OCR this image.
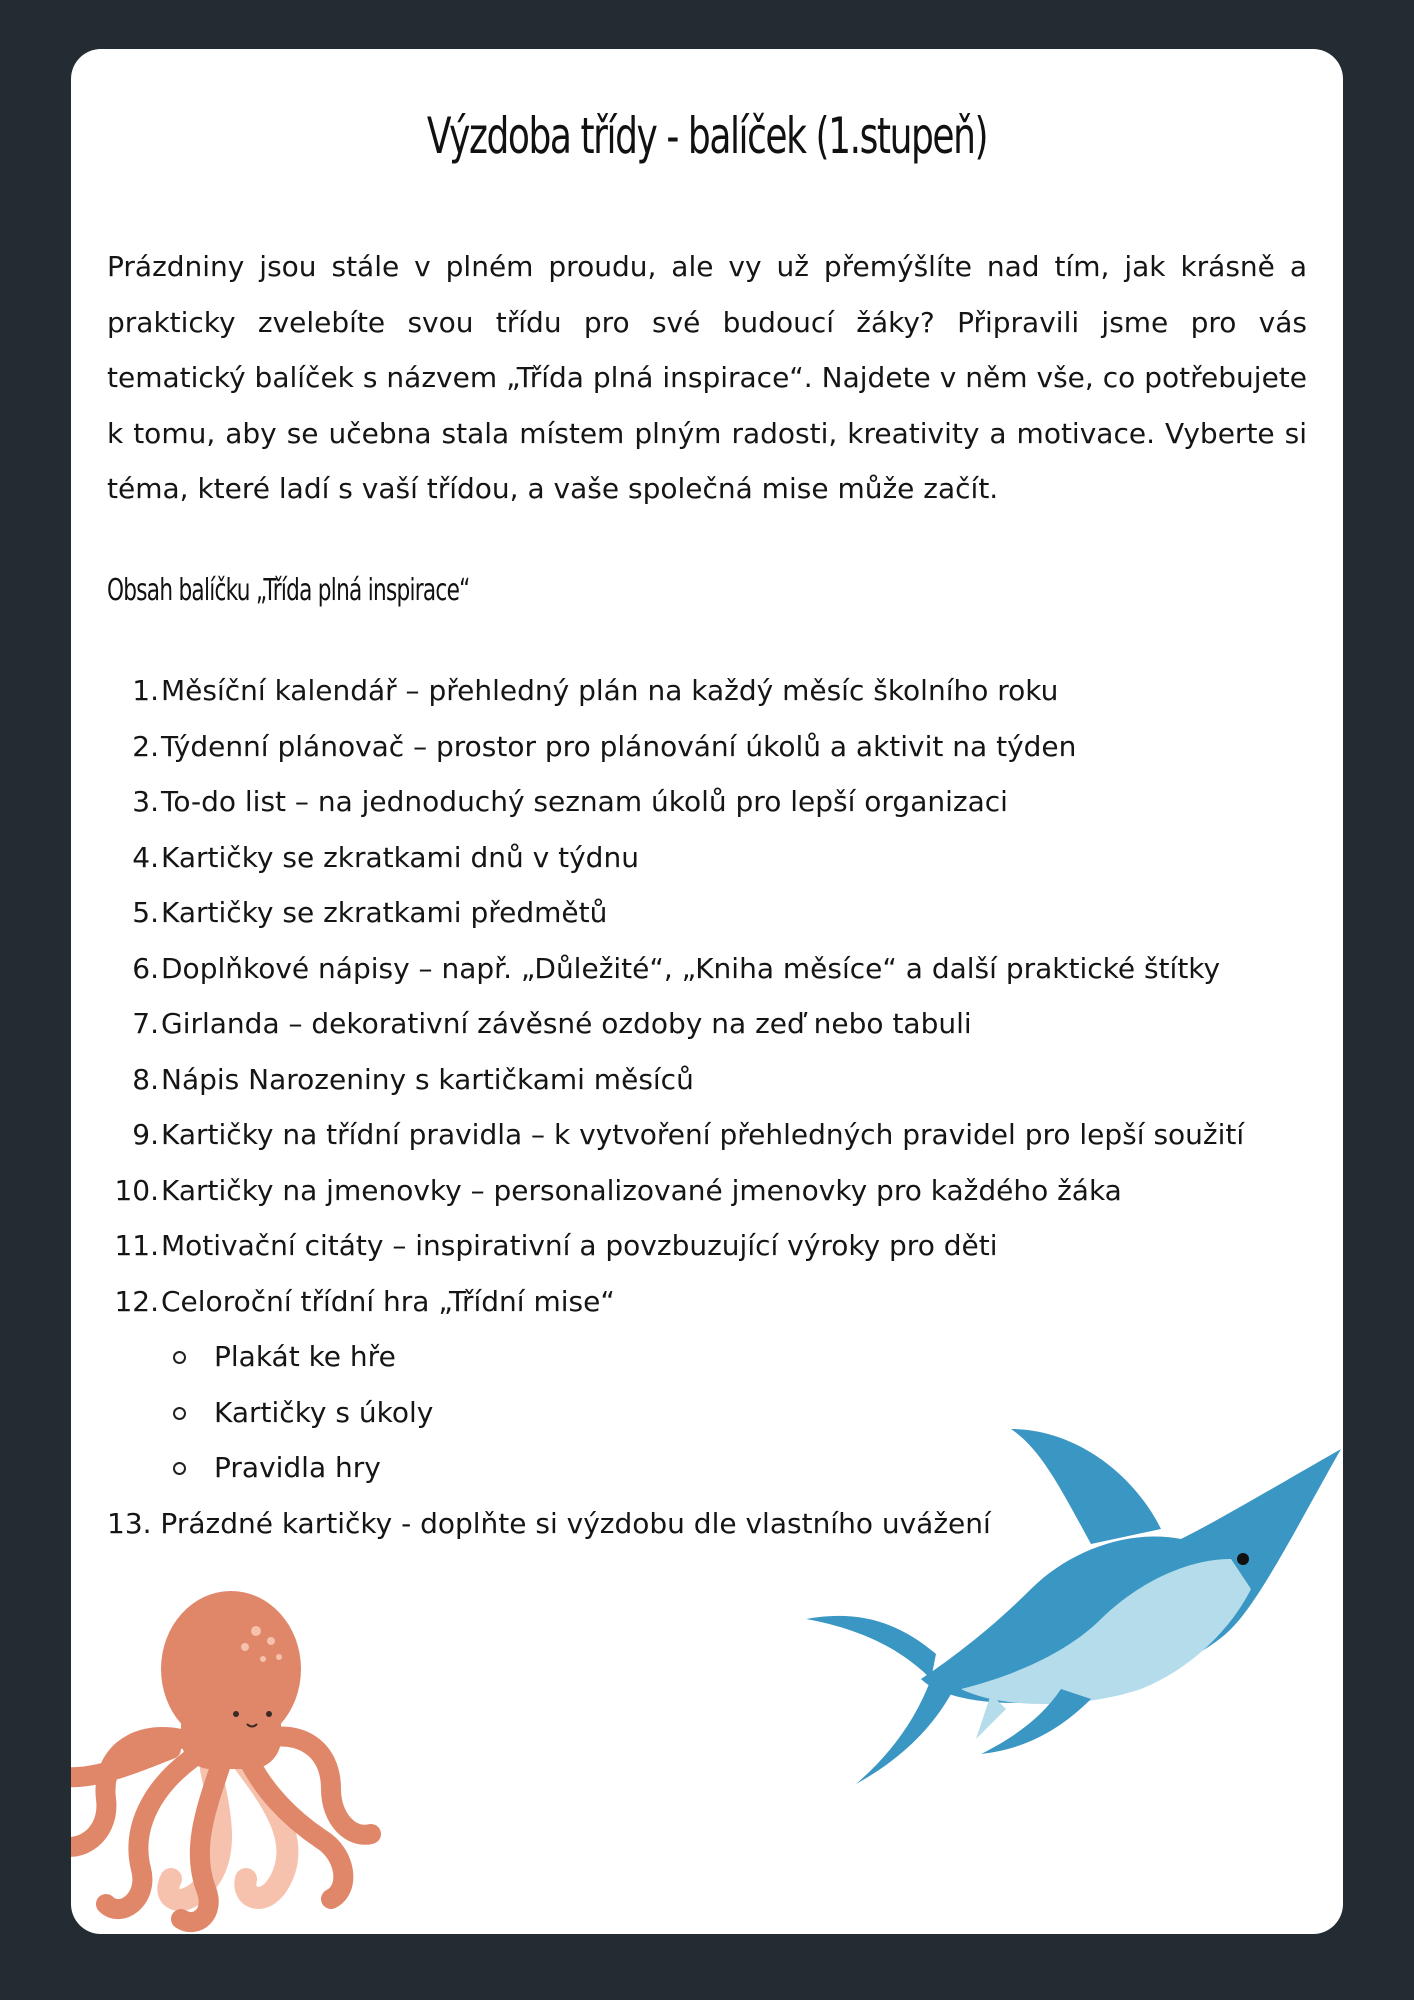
Výzdoba třídy - balíček (1.stupeň)
Prázdniny jsou stále v plném proudu, ale vy už přemýšlíte nad tím, jak krásně a prakticky zvelebíte svou třídu pro své budoucí žáky? Připravili jsme pro vás tematický balíček s názvem „Třída plná inspirace“. Najdete v něm vše, co potřebujete k tomu, aby se učebna stala místem plným radosti, kreativity a motivace. Vyberte si téma, které ladí s vaší třídou, a vaše společná mise může začít.
Obsah balíčku „Třída plná inspirace“
1. Měsíční kalendář – přehledný plán na každý měsíc školního roku
2. Týdenní plánovač – prostor pro plánování úkolů a aktivit na týden
3. To-do list – na jednoduchý seznam úkolů pro lepší organizaci
4. Kartičky se zkratkami dnů v týdnu
5. Kartičky se zkratkami předmětů
6. Doplňkové nápisy – např. „Důležité“, „Kniha měsíce“ a další praktické štítky
7. Girlanda – dekorativní závěsné ozdoby na zeď nebo tabuli
8. Nápis Narozeniny s kartičkami měsíců
9. Kartičky na třídní pravidla – k vytvoření přehledných pravidel pro lepší soužití
10. Kartičky na jmenovky – personalizované jmenovky pro každého žáka
11. Motivační citáty – inspirativní a povzbuzující výroky pro děti
12. Celoroční třídní hra „Třídní mise“
Plakát ke hře
Kartičky s úkoly
Pravidla hry
13. Prázdné kartičky - doplňte si výzdobu dle vlastního uvážení
